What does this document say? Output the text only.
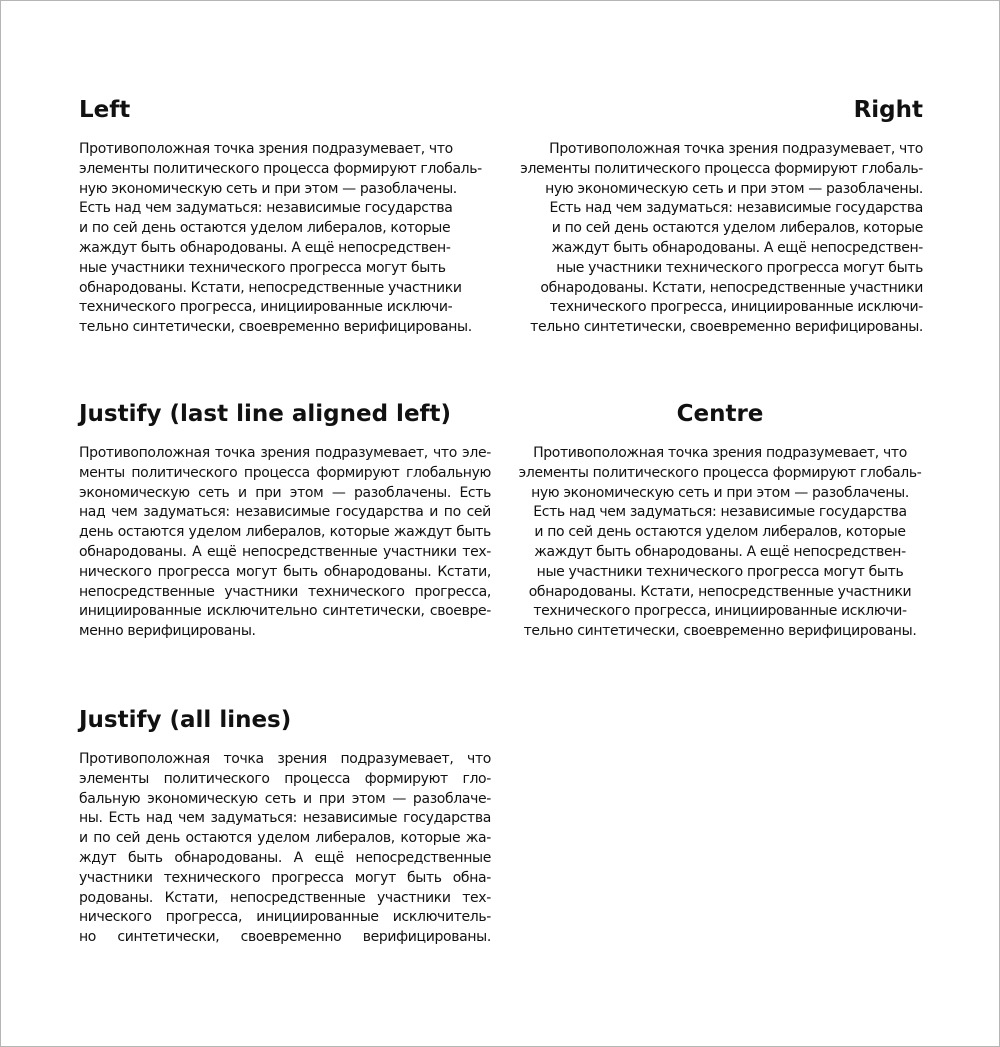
Left
Противоположная точка зрения подразумевает, что
элементы политического процесса формируют глобаль-
ную экономическую сеть и при этом — разоблачены.
Есть над чем задуматься: независимые государства
и по сей день остаются уделом либералов, которые
жаждут быть обнародованы. А ещё непосредствен-
ные участники технического прогресса могут быть
обнародованы. Кстати, непосредственные участники
технического прогресса, инициированные исключи-
тельно синтетически, своевременно верифицированы.
Right
Противоположная точка зрения подразумевает, что
элементы политического процесса формируют глобаль-
ную экономическую сеть и при этом — разоблачены.
Есть над чем задуматься: независимые государства
и по сей день остаются уделом либералов, которые
жаждут быть обнародованы. А ещё непосредствен-
ные участники технического прогресса могут быть
обнародованы. Кстати, непосредственные участники
технического прогресса, инициированные исключи-
тельно синтетически, своевременно верифицированы.
Justify (last line aligned left)
Противоположная точка зрения подразумевает, что эле-
менты политического процесса формируют глобальную
экономическую сеть и при этом — разоблачены. Есть
над чем задуматься: независимые государства и по сей
день остаются уделом либералов, которые жаждут быть
обнародованы. А ещё непосредственные участники тех-
нического прогресса могут быть обнародованы. Кстати,
непосредственные участники технического прогресса,
инициированные исключительно синтетически, своевре-
менно верифицированы.
Centre
Противоположная точка зрения подразумевает, что
элементы политического процесса формируют глобаль-
ную экономическую сеть и при этом — разоблачены.
Есть над чем задуматься: независимые государства
и по сей день остаются уделом либералов, которые
жаждут быть обнародованы. А ещё непосредствен-
ные участники технического прогресса могут быть
обнародованы. Кстати, непосредственные участники
технического прогресса, инициированные исключи-
тельно синтетически, своевременно верифицированы.
Justify (all lines)
Противоположная точка зрения подразумевает, что
элементы политического процесса формируют гло-
бальную экономическую сеть и при этом — разоблаче-
ны. Есть над чем задуматься: независимые государства
и по сей день остаются уделом либералов, которые жа-
ждут быть обнародованы. А ещё непосредственные
участники технического прогресса могут быть обна-
родованы. Кстати, непосредственные участники тех-
нического прогресса, инициированные исключитель-
но синтетически, своевременно верифицированы.
